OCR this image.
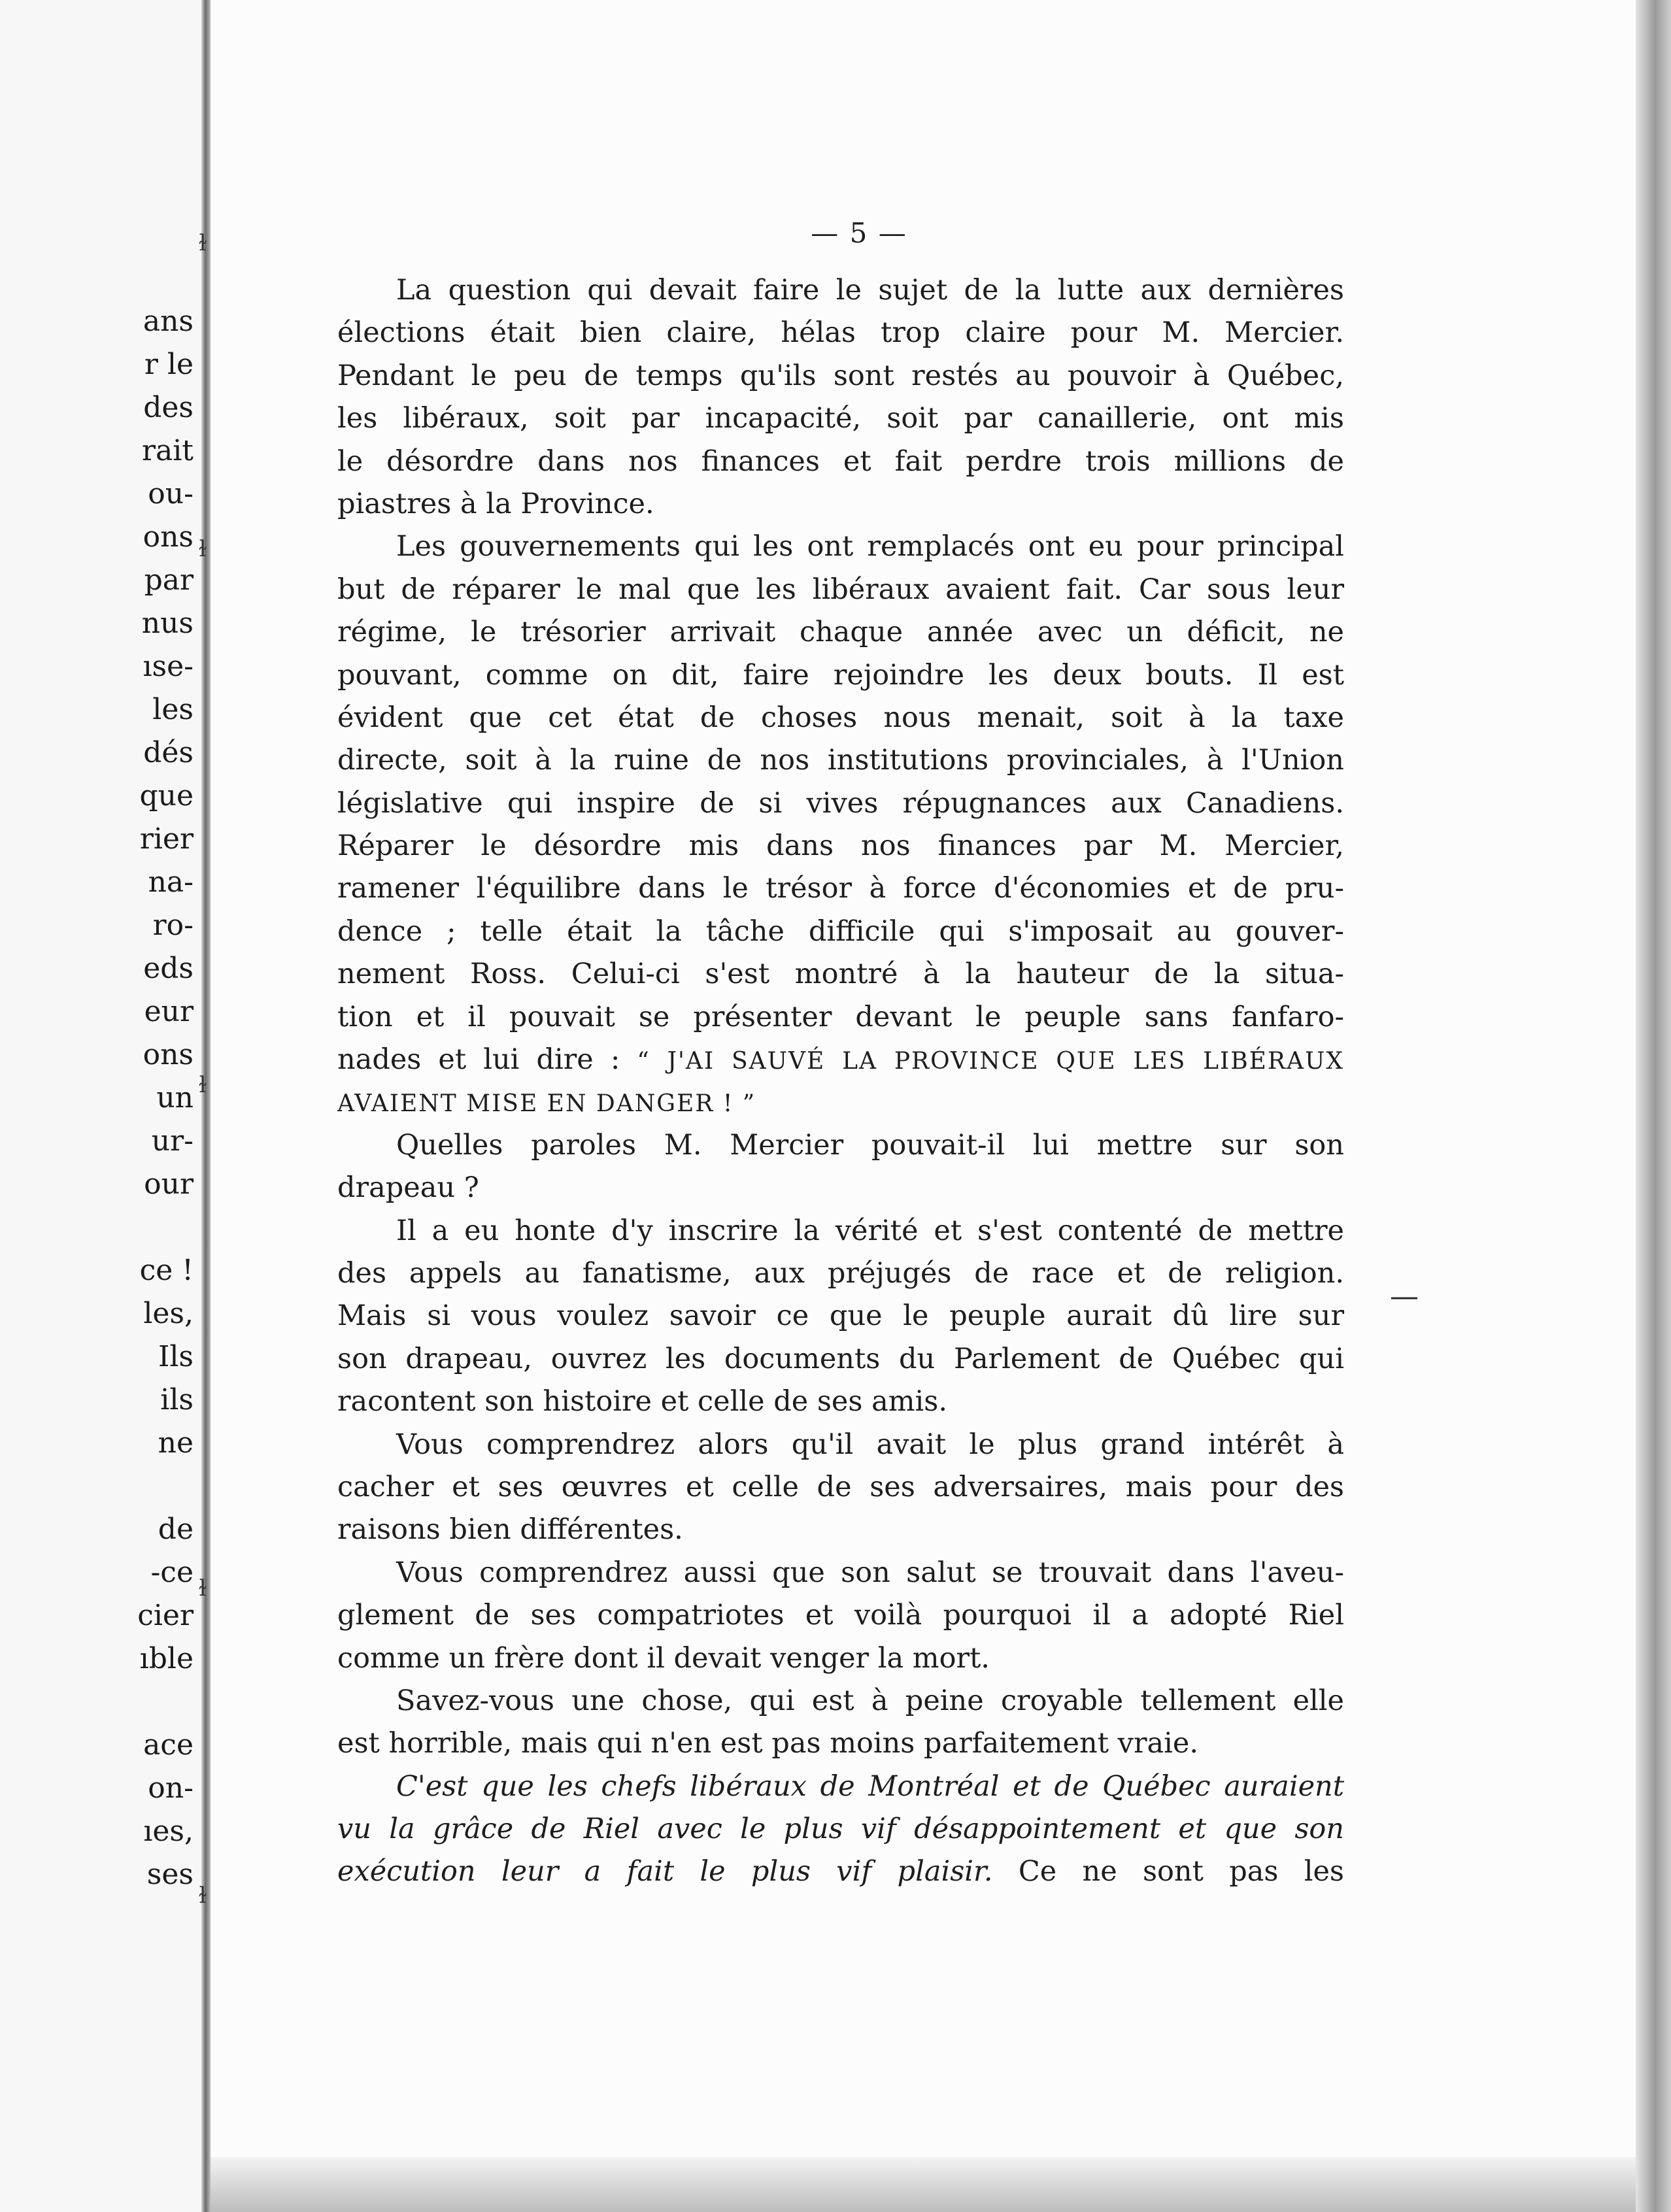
ans
r le
des
rait
ou-
ons
par
nus
ıse-
les
dés
que
rier
na-
ro-
eds
eur
ons
un
ur-
our
ce !
les,
Ils
ils
ne
de
-ce
cier
ıble
ace
on-
ıes,
ses
ɫ
ɫ
ɫ
ɫ
ɫ
— 5 —
La question qui devait faire le sujet de la lutte aux dernières
élections était bien claire, hélas trop claire pour M. Mercier.
Pendant le peu de temps qu'ils sont restés au pouvoir à Québec,
les libéraux, soit par incapacité, soit par canaillerie, ont mis
le désordre dans nos finances et fait perdre trois millions de
piastres à la Province.
Les gouvernements qui les ont remplacés ont eu pour principal
but de réparer le mal que les libéraux avaient fait. Car sous leur
régime, le trésorier arrivait chaque année avec un déficit, ne
pouvant, comme on dit, faire rejoindre les deux bouts. Il est
évident que cet état de choses nous menait, soit à la taxe
directe, soit à la ruine de nos institutions provinciales, à l'Union
législative qui inspire de si vives répugnances aux Canadiens.
Réparer le désordre mis dans nos finances par M. Mercier,
ramener l'équilibre dans le trésor à force d'économies et de pru-
dence ; telle était la tâche difficile qui s'imposait au gouver-
nement Ross. Celui-ci s'est montré à la hauteur de la situa-
tion et il pouvait se présenter devant le peuple sans fanfaro-
nades et lui dire : “ J'AI SAUVÉ LA PROVINCE QUE LES LIBÉRAUX
AVAIENT MISE EN DANGER ! ”
Quelles paroles M. Mercier pouvait-il lui mettre sur son
drapeau ?
Il a eu honte d'y inscrire la vérité et s'est contenté de mettre
des appels au fanatisme, aux préjugés de race et de religion.
Mais si vous voulez savoir ce que le peuple aurait dû lire sur
son drapeau, ouvrez les documents du Parlement de Québec qui
racontent son histoire et celle de ses amis.
Vous comprendrez alors qu'il avait le plus grand intérêt à
cacher et ses œuvres et celle de ses adversaires, mais pour des
raisons bien différentes.
Vous comprendrez aussi que son salut se trouvait dans l'aveu-
glement de ses compatriotes et voilà pourquoi il a adopté Riel
comme un frère dont il devait venger la mort.
Savez-vous une chose, qui est à peine croyable tellement elle
est horrible, mais qui n'en est pas moins parfaitement vraie.
C'est que les chefs libéraux de Montréal et de Québec auraient
vu la grâce de Riel avec le plus vif désappointement et que son
exécution leur a fait le plus vif plaisir. Ce ne sont pas les
—
